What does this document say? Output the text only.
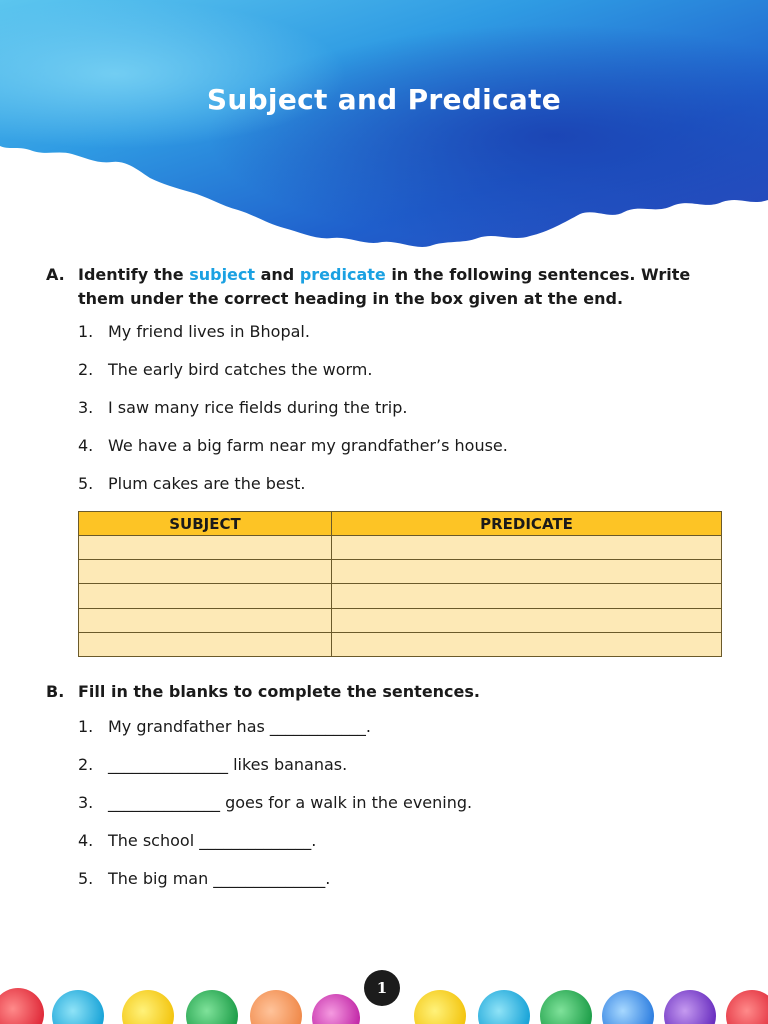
Subject and Predicate
A. Identify the subject and predicate in the following sentences. Write them under the correct heading in the box given at the end.
1. My friend lives in Bhopal.
2. The early bird catches the worm.
3. I saw many rice fields during the trip.
4. We have a big farm near my grandfather’s house.
5. Plum cakes are the best.
SUBJECT	PREDICATE

B. Fill in the blanks to complete the sentences.
1. My grandfather has ____________.
2. _______________ likes bananas.
3. ______________ goes for a walk in the evening.
4. The school ______________.
5. The big man ______________.
1
